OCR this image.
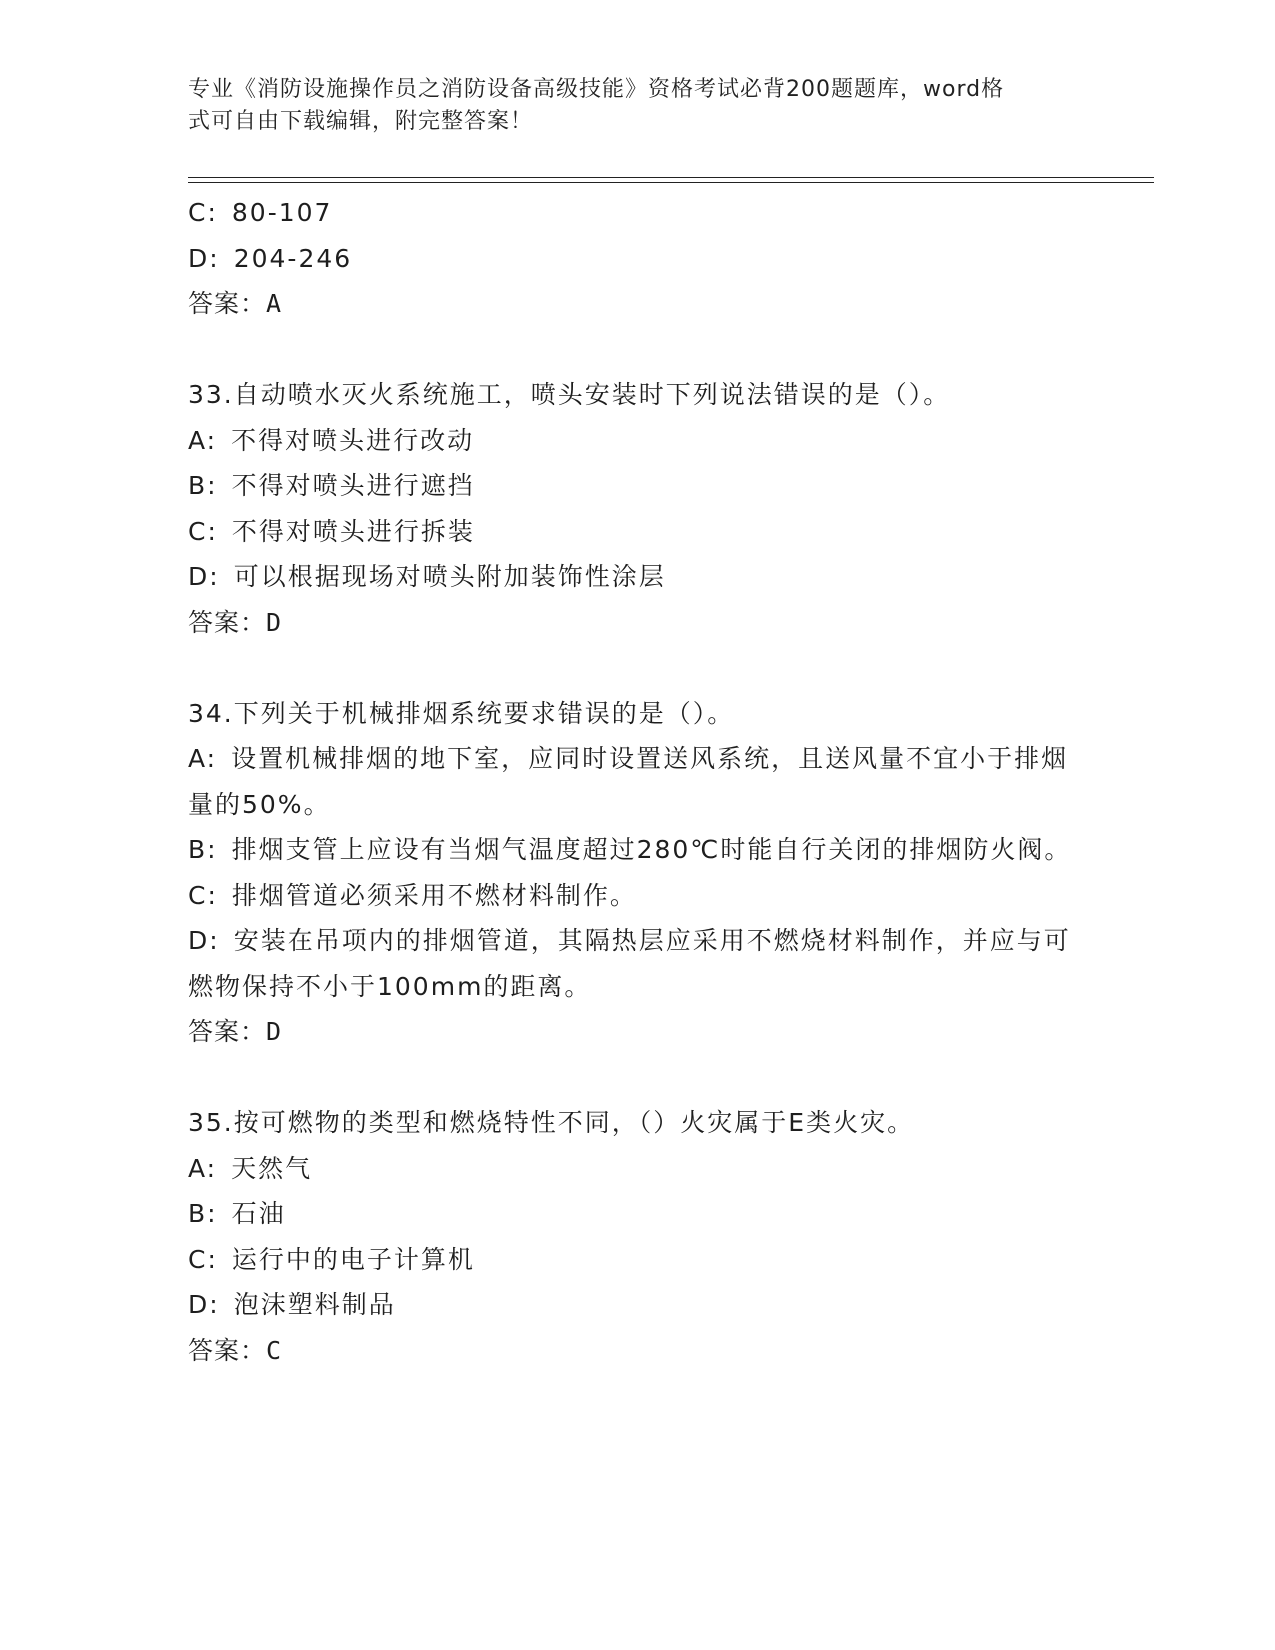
专业《消防设施操作员之消防设备高级技能》资格考试必背200题题库，word格
式可自由下载编辑，附完整答案！
C: 80-107
D: 204-246
答案：A
33.自动喷水灭火系统施工，喷头安装时下列说法错误的是（）。
A: 不得对喷头进行改动
B: 不得对喷头进行遮挡
C: 不得对喷头进行拆装
D: 可以根据现场对喷头附加装饰性涂层
答案：D
34.下列关于机械排烟系统要求错误的是（）。
A: 设置机械排烟的地下室，应同时设置送风系统，且送风量不宜小于排烟量的50%。
B: 排烟支管上应设有当烟气温度超过280℃时能自行关闭的排烟防火阀。
C: 排烟管道必须采用不燃材料制作。
D: 安装在吊项内的排烟管道，其隔热层应采用不燃烧材料制作，并应与可燃物保持不小于100mm的距离。
答案：D
35.按可燃物的类型和燃烧特性不同，（）火灾属于E类火灾。
A: 天然气
B: 石油
C: 运行中的电子计算机
D: 泡沫塑料制品
答案：C
